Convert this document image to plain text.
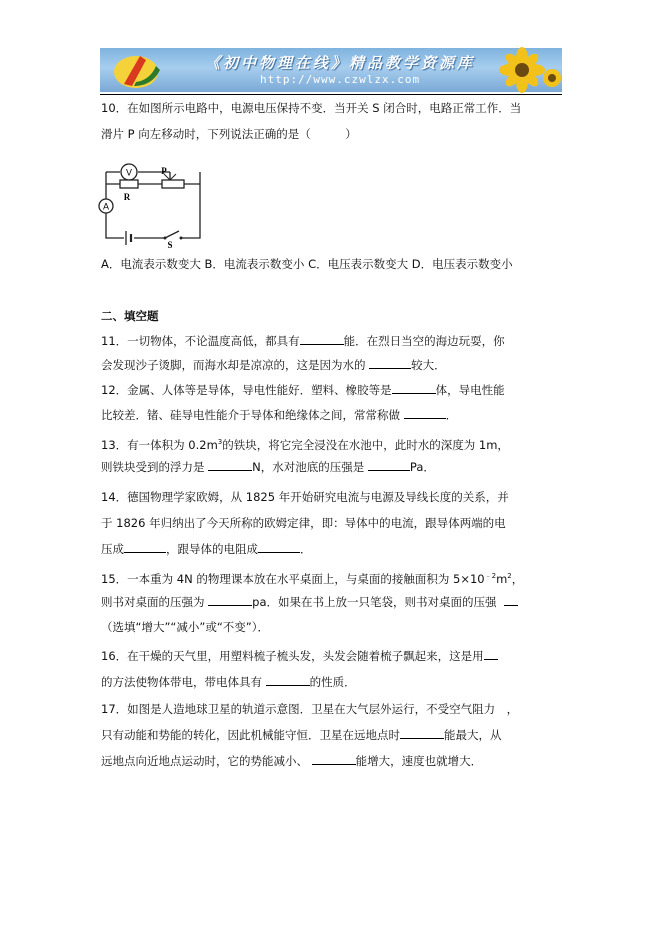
《初中物理在线》精品教学资源库
http://www.czwlzx.com
10．在如图所示电路中，电源电压保持不变．当开关 S 闭合时，电路正常工作．当
滑片 P 向左移动时，下列说法正确的是（　　　）
V
R
P
A
S
A．电流表示数变大 B．电流表示数变小 C．电压表示数变大 D．电压表示数变小
二、填空题
11．一切物体，不论温度高低，都具有	能．在烈日当空的海边玩耍，你
会发现沙子烫脚，而海水却是凉凉的，这是因为水的	较大．
12．金属、人体等是导体，导电性能好．塑料、橡胶等是	体，导电性能
比较差．锗、硅导电性能介于导体和绝缘体之间，常常称做	．
13．有一体积为 $0.2m^3$的铁块，将它完全浸没在水池中，此时水的深度为 1m，
则铁块受到的浮力是	N，水对池底的压强是	Pa．
14．德国物理学家欧姆，从 1825 年开始研究电流与电源及导线长度的关系，并
于 1826 年归纳出了今天所称的欧姆定律，即：导体中的电流，跟导体两端的电
压成	，跟导体的电阻成	．
15．一本重为 4N 的物理课本放在水平桌面上，与桌面的接触面积为 $5\times 10^{﹣2}m^2$，
则书对桌面的压强为	pa．如果在书上放一只笔袋，则书对桌面的压强
（选填“增大”“减小”或“不变”）．
16．在干燥的天气里，用塑料梳子梳头发，头发会随着梳子飘起来，这是用
的方法使物体带电，带电体具有	的性质．
17．如图是人造地球卫星的轨道示意图．卫星在大气层外运行，不受空气阻力　，
只有动能和势能的转化，因此机械能守恒．卫星在远地点时	能最大，从
远地点向近地点运动时，它的势能减小、	能增大，速度也就增大．
